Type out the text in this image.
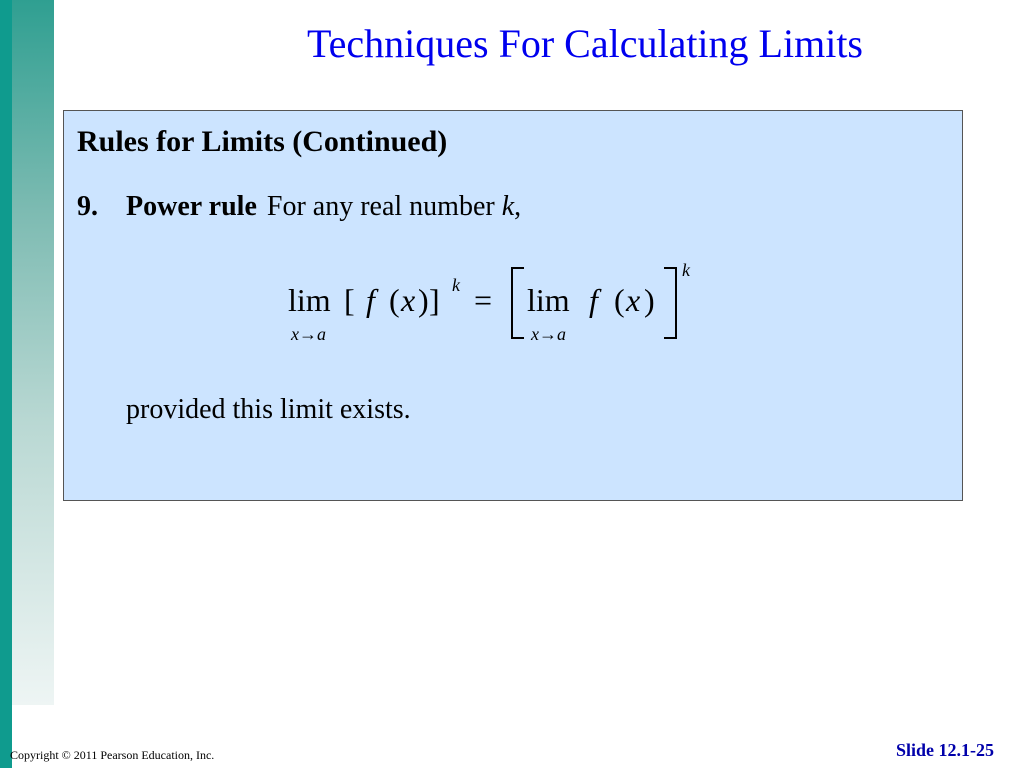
Techniques For Calculating Limits
Rules for Limits (Continued)
9. Power rule For any real number k,
lim
x→a
[ f ( x ) ] k = lim
x→a
f ( x )
k
provided this limit exists.
Copyright © 2011 Pearson Education, Inc.	Slide 12.1-25
